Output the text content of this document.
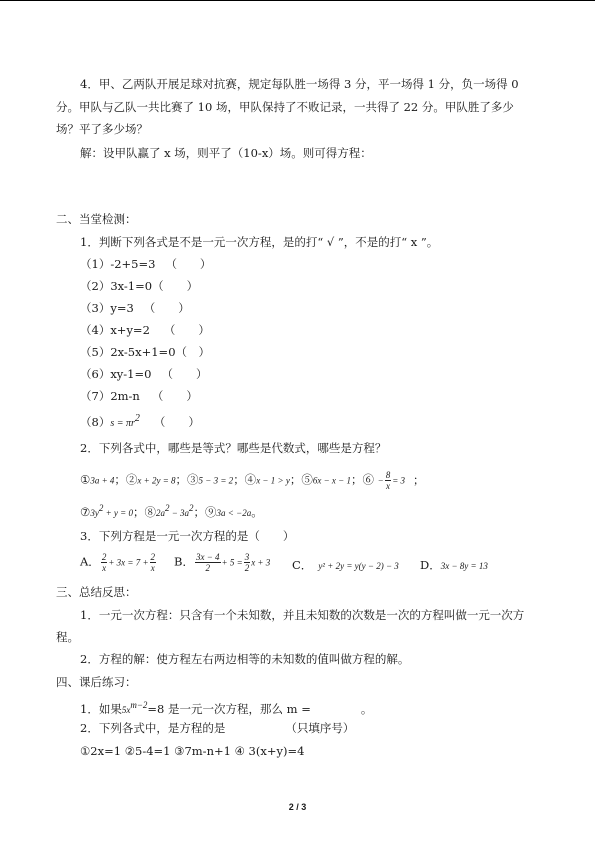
4．甲、乙两队开展足球对抗赛，规定每队胜一场得 3 分，平一场得 1 分，负一场得 0
分。甲队与乙队一共比赛了 10 场，甲队保持了不败记录，一共得了 22 分。甲队胜了多少
场？平了多少场？
解：设甲队赢了 x 场，则平了（10-x）场。则可得方程：
二、当堂检测：
1．判断下列各式是不是一元一次方程，是的打“ √ ”，不是的打“ x ”。
（1）-2+5=3 （　　）
（2）3x-1=0（　　）
（3）y=3 （　　）
（4）x+y=2 （　　）
（5）2x-5x+1=0（　）
（6）xy-1=0 （　　）
（7）2m-n （　　）
$(8)s = \pi r^2$ （　　）
2．下列各式中，哪些是等式？哪些是代数式，哪些是方程？
①3a + 4；②x + 2y = 8；③5 − 3 = 2；④x − 1 > y；⑤6x − x − 1；⑥ − $\frac{8}{x} = 3$ ；
$⑦3y^2 + y = 0$；$⑧2a^2 - 3a^2$；⑨3a < −2a。
3．下列方程是一元一次方程的是（　　）
A． $\frac{2}{x} + 3x = 7 + \frac{2}{x}$ B． $\frac{3x - 4}{2} + 5 = \frac{3}{2}$ x + 3 C． y² + 2y = y(y − 2) − 3 D．3x − 8y = 13
三、总结反思：
1．一元一次方程：只含有一个未知数，并且未知数的次数是一次的方程叫做一元一次方
程。
2．方程的解：使方程左右两边相等的未知数的值叫做方程的解。
四、课后练习：
1．如果$5x^{m-2}=8$ 是一元一次方程，那么 m =	。
2．下列各式中，是方程的是	（只填序号）
①2x=1 ②5-4=1 ③7m-n+1 ④ 3(x+y)=4
2 / 3
